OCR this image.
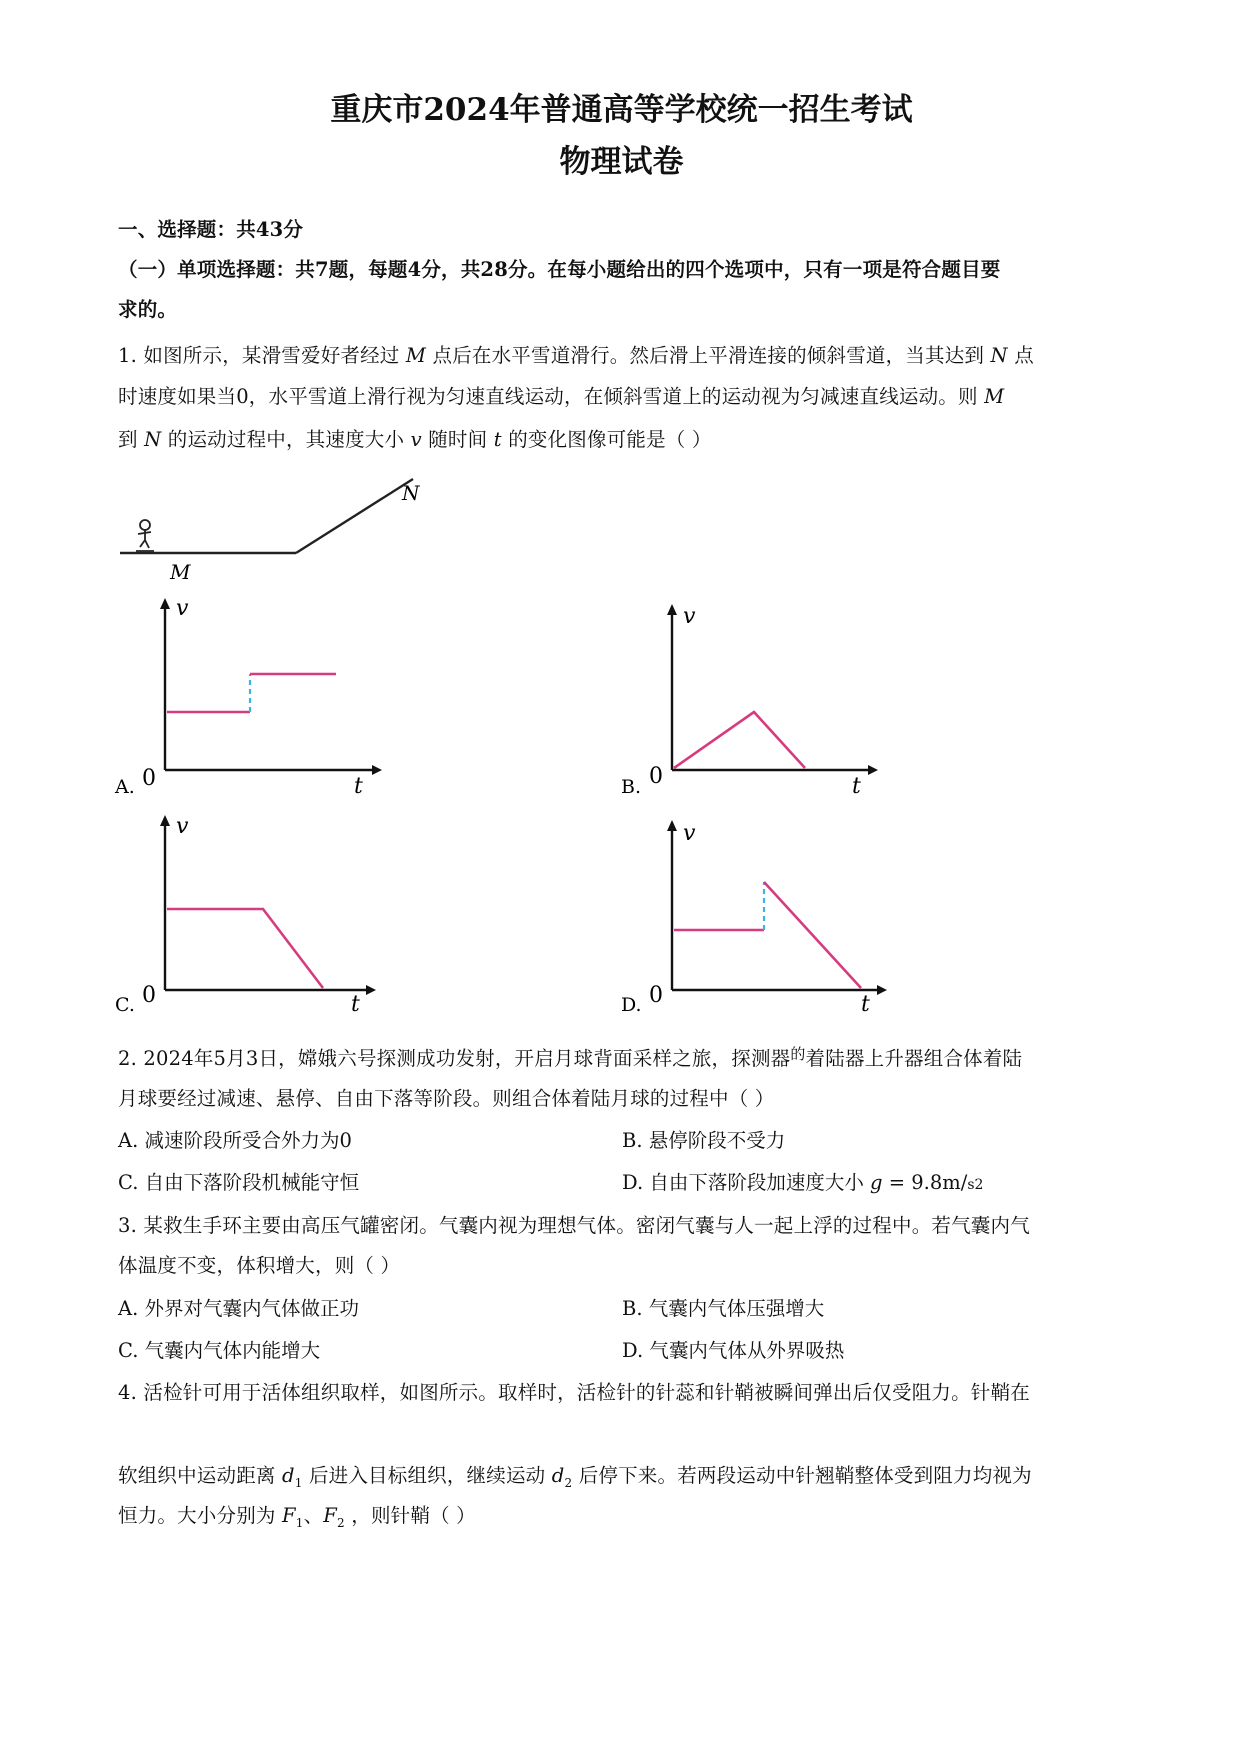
重庆市2024年普通高等学校统一招生考试
物理试卷
一、选择题：共43分
（一）单项选择题：共7题，每题4分，共28分。在每小题给出的四个选项中，只有一项是符合题目要
求的。
1. 如图所示，某滑雪爱好者经过 M 点后在水平雪道滑行。然后滑上平滑连接的倾斜雪道，当其达到 N 点
时速度如果当0，水平雪道上滑行视为匀速直线运动，在倾斜雪道上的运动视为匀减速直线运动。则 M
到 N 的运动过程中，其速度大小 v 随时间 t 的变化图像可能是（ ）
M
N
A.
v
t
0	B.
v
t
0
C.
v
t
0	D.
v
t
0
2. 2024年5月3日，嫦娥六号探测成功发射，开启月球背面采样之旅，探测器$^的$着陆器上升器组合体着陆
月球要经过减速、悬停、自由下落等阶段。则组合体着陆月球的过程中（ ）
A. 减速阶段所受合外力为0	B. 悬停阶段不受力
C. 自由下落阶段机械能守恒	D. 自由下落阶段加速度大小 g = 9.8m/s2
3. 某救生手环主要由高压气罐密闭。气囊内视为理想气体。密闭气囊与人一起上浮的过程中。若气囊内气
体温度不变，体积增大，则（ ）
A. 外界对气囊内气体做正功	B. 气囊内气体压强增大
C. 气囊内气体内能增大	D. 气囊内气体从外界吸热
4. 活检针可用于活体组织取样，如图所示。取样时，活检针的针蕊和针鞘被瞬间弹出后仅受阻力。针鞘在
软组织中运动距离 $d_1$ 后进入目标组织，继续运动 $d_2$ 后停下来。若两段运动中针翘鞘整体受到阻力均视为
恒力。大小分别为 $F_1$、$F_2$ ，则针鞘（ ）
